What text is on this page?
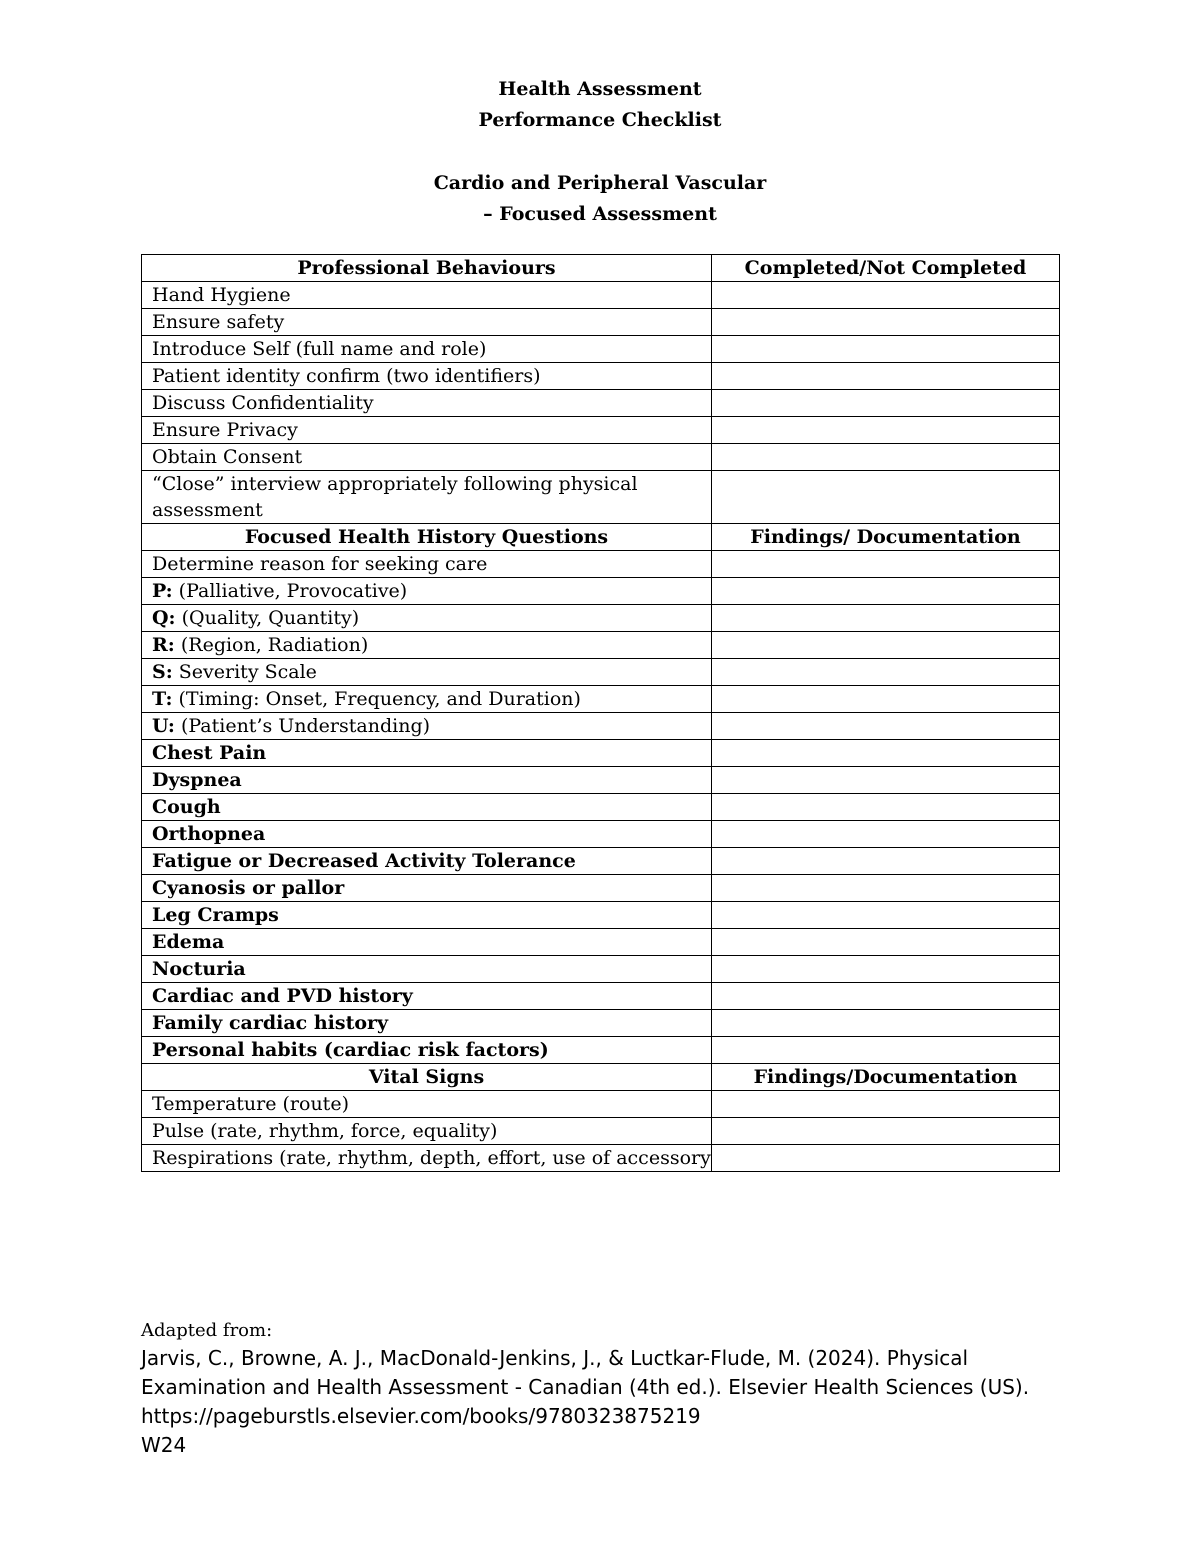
Health Assessment
Performance Checklist
Cardio and Peripheral Vascular
– Focused Assessment
Professional Behaviours	Completed/Not Completed
Hand Hygiene	
Ensure safety	
Introduce Self (full name and role)	
Patient identity confirm (two identifiers)	
Discuss Confidentiality	
Ensure Privacy	
Obtain Consent	
“Close” interview appropriately following physical assessment	
Focused Health History Questions	Findings/ Documentation
Determine reason for seeking care	
P: (Palliative, Provocative)	
Q: (Quality, Quantity)	
R: (Region, Radiation)	
S: Severity Scale	
T: (Timing: Onset, Frequency, and Duration)	
U: (Patient’s Understanding)	
Chest Pain	
Dyspnea	
Cough	
Orthopnea	
Fatigue or Decreased Activity Tolerance	
Cyanosis or pallor	
Leg Cramps	
Edema	
Nocturia	
Cardiac and PVD history	
Family cardiac history	
Personal habits (cardiac risk factors)	
Vital Signs	Findings/Documentation
Temperature (route)	
Pulse (rate, rhythm, force, equality)	
Respirations (rate, rhythm, depth, effort, use of accessory	
Adapted from:
Jarvis, C., Browne, A. J., MacDonald-Jenkins, J., & Luctkar-Flude, M. (2024). Physical
Examination and Health Assessment - Canadian (4th ed.). Elsevier Health Sciences (US).
https://pageburstls.elsevier.com/books/9780323875219
W24
